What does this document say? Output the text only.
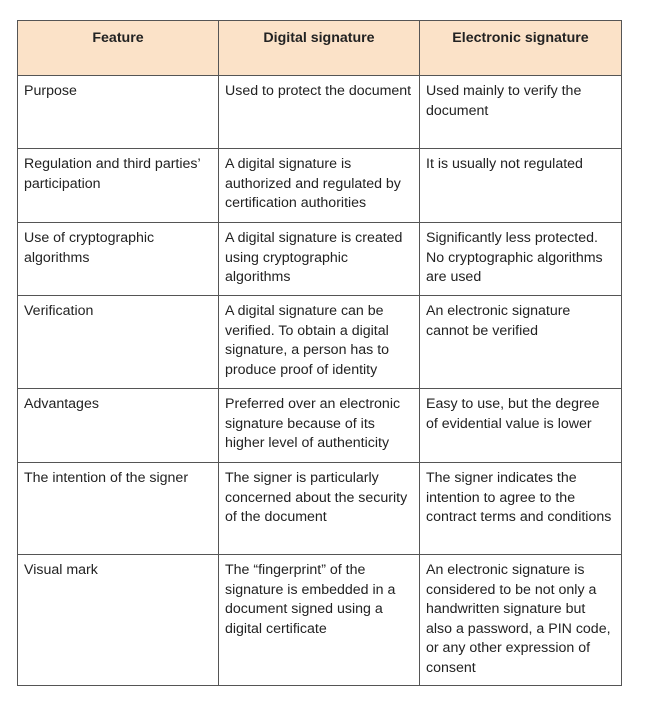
Feature	Digital signature	Electronic signature
Purpose	Used to protect the document	Used mainly to verify the document
Regulation and third parties’ participation	A digital signature is authorized and regulated by certification authorities	It is usually not regulated
Use of cryptographic algorithms	A digital signature is created using cryptographic algorithms	Significantly less protected. No cryptographic algorithms are used
Verification	A digital signature can be verified. To obtain a digital signature, a person has to produce proof of identity	An electronic signature cannot be verified
Advantages	Preferred over an electronic signature because of its higher level of authenticity	Easy to use, but the degree of evidential value is lower
The intention of the signer	The signer is particularly concerned about the security of the document	The signer indicates the intention to agree to the contract terms and conditions
Visual mark	The “fingerprint” of the signature is embedded in a document signed using a digital certificate	An electronic signature is considered to be not only a handwritten signature but also a password, a PIN code, or any other expression of consent
